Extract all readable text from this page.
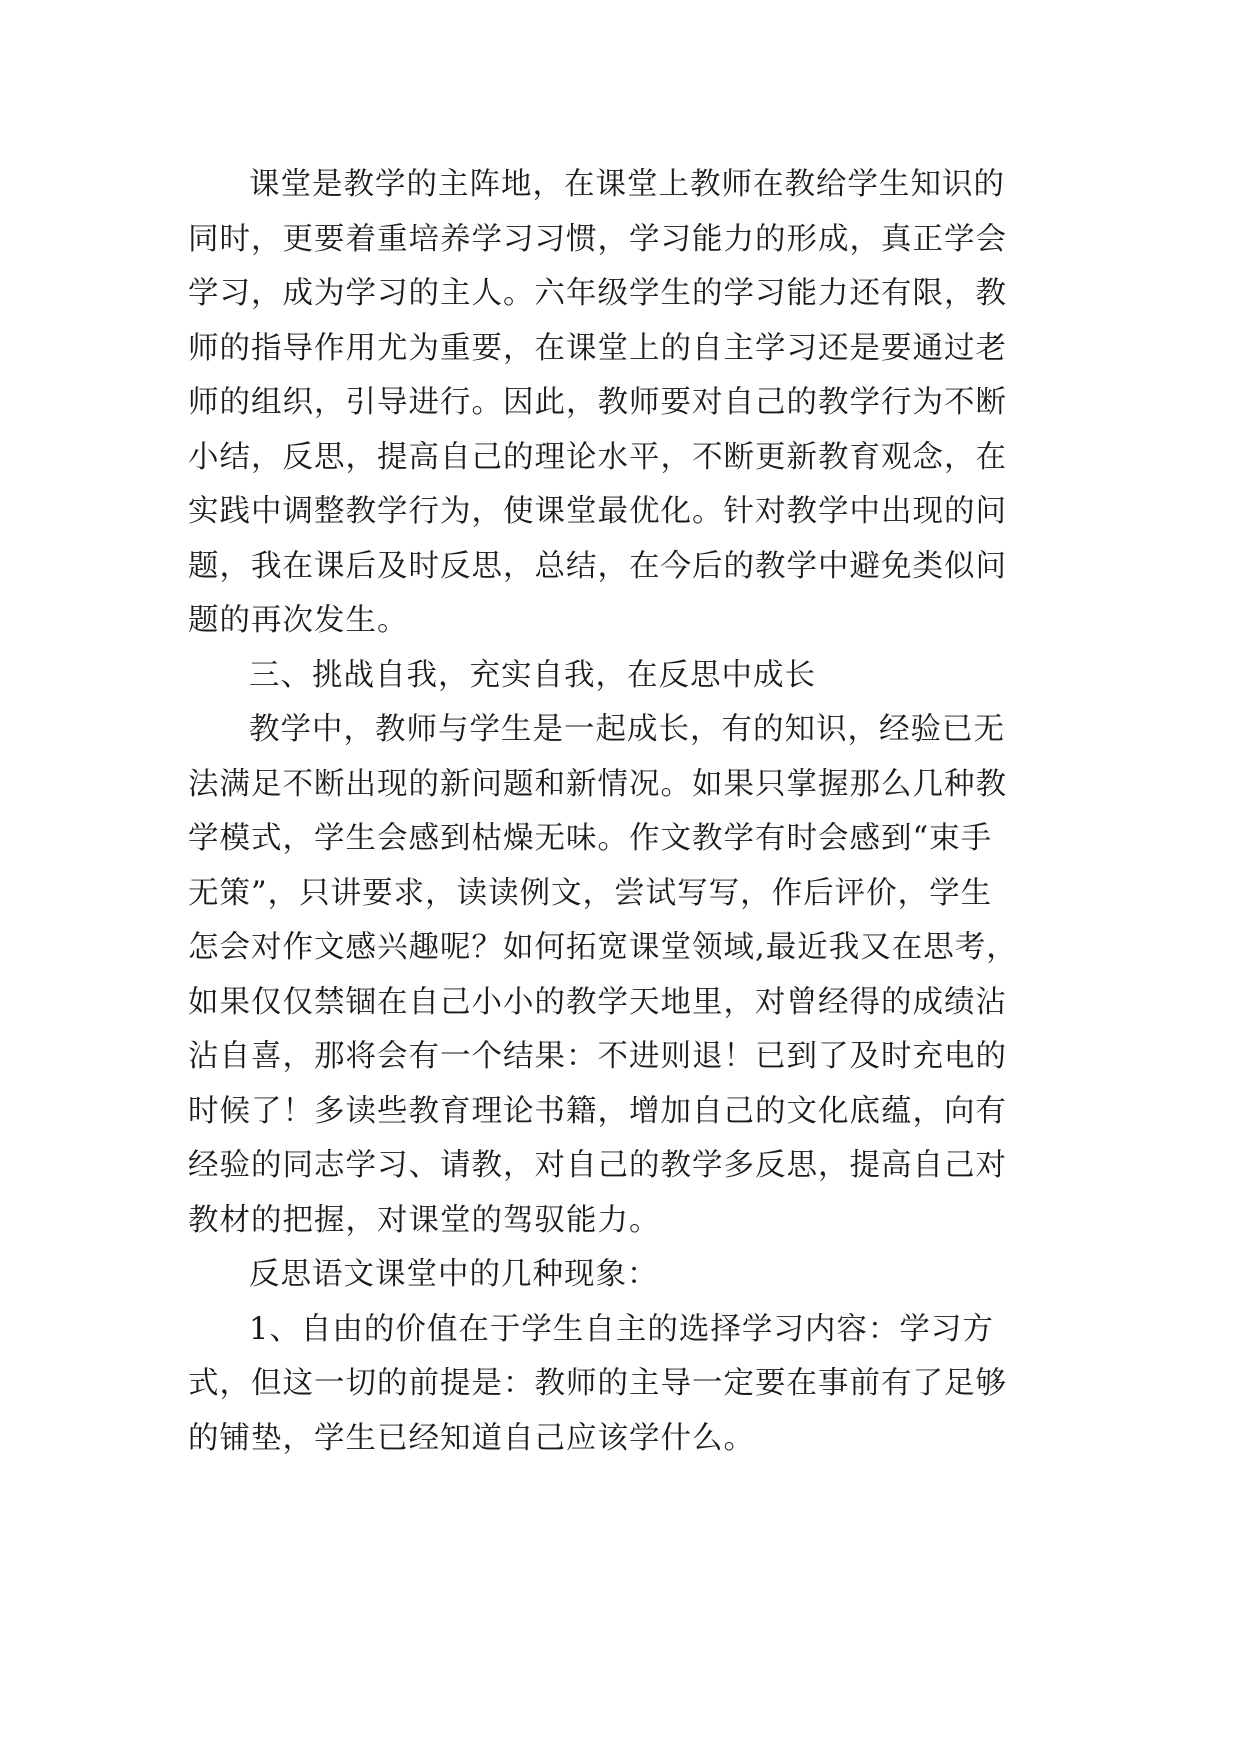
课堂是教学的主阵地，在课堂上教师在教给学生知识的
同时，更要着重培养学习习惯，学习能力的形成，真正学会
学习，成为学习的主人。六年级学生的学习能力还有限，教
师的指导作用尤为重要，在课堂上的自主学习还是要通过老
师的组织，引导进行。因此，教师要对自己的教学行为不断
小结，反思，提高自己的理论水平，不断更新教育观念，在
实践中调整教学行为，使课堂最优化。针对教学中出现的问
题，我在课后及时反思，总结，在今后的教学中避免类似问
题的再次发生。

三、挑战自我，充实自我，在反思中成长

教学中，教师与学生是一起成长，有的知识，经验已无
法满足不断出现的新问题和新情况。如果只掌握那么几种教
学模式，学生会感到枯燥无味。作文教学有时会感到“束手
无策”，只讲要求，读读例文，尝试写写，作后评价，学生
怎会对作文感兴趣呢？如何拓宽课堂领域,最近我又在思考，
如果仅仅禁锢在自己小小的教学天地里，对曾经得的成绩沾
沾自喜，那将会有一个结果：不进则退！已到了及时充电的
时候了！多读些教育理论书籍，增加自己的文化底蕴，向有
经验的同志学习、请教，对自己的教学多反思，提高自己对
教材的把握，对课堂的驾驭能力。

反思语文课堂中的几种现象：

1、自由的价值在于学生自主的选择学习内容：学习方
式，但这一切的前提是：教师的主导一定要在事前有了足够
的铺垫，学生已经知道自己应该学什么。
